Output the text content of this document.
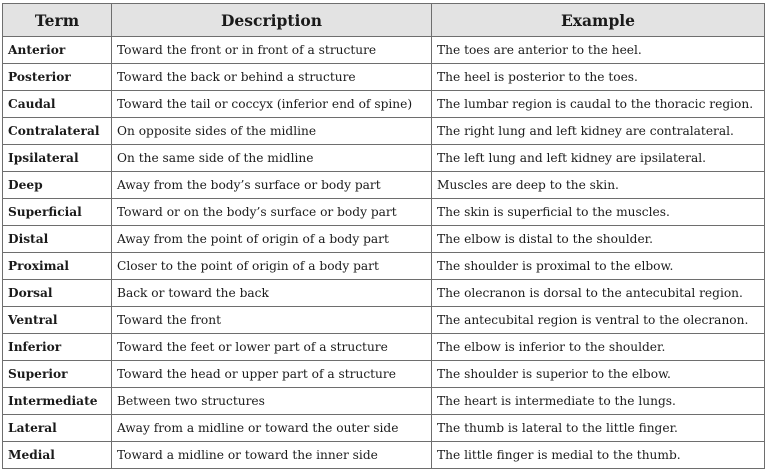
Term	Description	Example
Anterior	Toward the front or in front of a structure	The toes are anterior to the heel.
Posterior	Toward the back or behind a structure	The heel is posterior to the toes.
Caudal	Toward the tail or coccyx (inferior end of spine)	The lumbar region is caudal to the thoracic region.
Contralateral	On opposite sides of the midline	The right lung and left kidney are contralateral.
Ipsilateral	On the same side of the midline	The left lung and left kidney are ipsilateral.
Deep	Away from the body’s surface or body part	Muscles are deep to the skin.
Superficial	Toward or on the body’s surface or body part	The skin is superficial to the muscles.
Distal	Away from the point of origin of a body part	The elbow is distal to the shoulder.
Proximal	Closer to the point of origin of a body part	The shoulder is proximal to the elbow.
Dorsal	Back or toward the back	The olecranon is dorsal to the antecubital region.
Ventral	Toward the front	The antecubital region is ventral to the olecranon.
Inferior	Toward the feet or lower part of a structure	The elbow is inferior to the shoulder.
Superior	Toward the head or upper part of a structure	The shoulder is superior to the elbow.
Intermediate	Between two structures	The heart is intermediate to the lungs.
Lateral	Away from a midline or toward the outer side	The thumb is lateral to the little finger.
Medial	Toward a midline or toward the inner side	The little finger is medial to the thumb.
